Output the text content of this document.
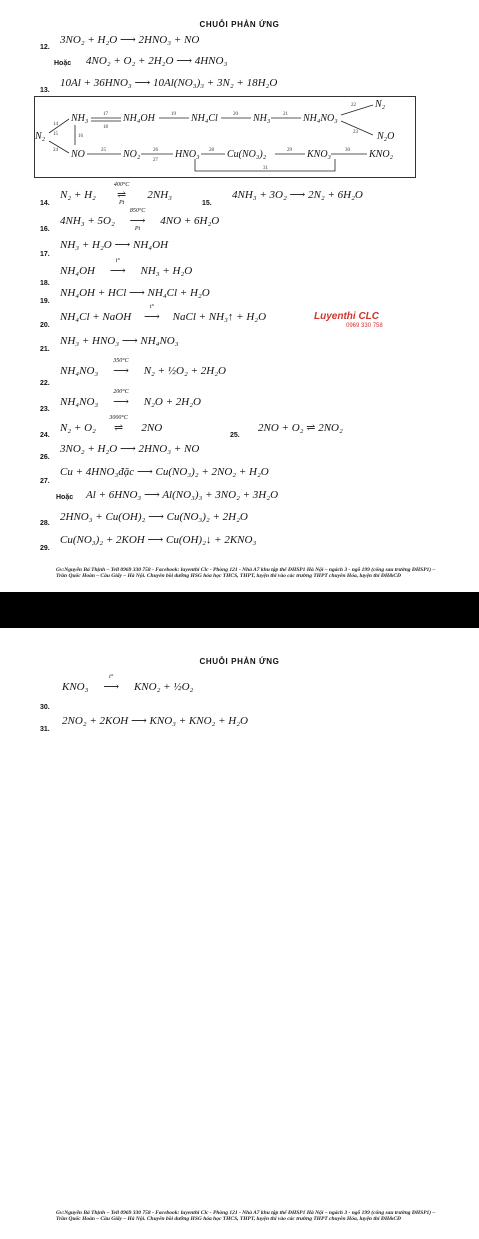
CHUỖI PHẢN ỨNG
12.
3NO₂ + H₂O ⟶ 2HNO₃ + NO
Hoặc 4NO₂ + O₂ + 2H₂O ⟶ 4HNO₃
13.
10Al + 36HNO₃ ⟶ 10Al(NO₃)₃ + 3N₂ + 18H₂O
N₂
NH₃	NH₄OH	NH₄Cl	NH₃	NH₄NO₃
N₂
N₂O
NO	NO₂	HNO₃	Cu(NO₃)₂	KNO₃	KNO₂
17
18
19	20	21
22
23
14
15	16
24	25	26
27
28	29	30
31
14.
N₂ + H₂
400°C
⇌
Pt
2NH₃
15.
4NH₃ + 3O₂ ⟶ 2N₂ + 6H₂O
16.
4NH₃ + 5O₂
850°C
⟶
Pt
4NO + 6H₂O
17.
NH₃ + H₂O ⟶ NH₄OH
18.
NH₄OH
t°
⟶ NH₃ + H₂O
19.
NH₄OH + HCl ⟶ NH₄Cl + H₂O
20.
NH₄Cl + NaOH
t°
⟶ NaCl + NH₃↑ + H₂O	Luyenthi CLC
0969 330 758
21.
NH₃ + HNO₃ ⟶ NH₄NO₃
22.
NH₄NO₃
350°C
⟶ N₂ + ½O₂ + 2H₂O
23.
NH₄NO₃
200°C
⟶ N₂O + 2H₂O
24.
N₂ + O₂
3000°C
⇌ 2NO
25.
2NO + O₂ ⇌ 2NO₂
26.
3NO₂ + H₂O ⟶ 2HNO₃ + NO
27.
Cu + 4HNO₃đặc ⟶ Cu(NO₃)₂ + 2NO₂ + H₂O
Hoặc Al + 6HNO₃ ⟶ Al(NO₃)₃ + 3NO₂ + 3H₂O
28.
2HNO₃ + Cu(OH)₂ ⟶ Cu(NO₃)₂ + 2H₂O
29.
Cu(NO₃)₂ + 2KOH ⟶ Cu(OH)₂↓ + 2KNO₃
Gv:Nguyễn Bá Thịnh – Tell 0969 330 758 - Facebook: luyenthi Clc - Phòng 121 - Nhà A7 khu tập thể ĐHSP1 Hà Nội – ngách 3 - ngõ 199 (cổng sau trường ĐHSP1) – Trần Quốc Hoàn – Cầu Giấy – Hà Nội. Chuyên bồi dưỡng HSG hóa học THCS, THPT, luyện thi vào các trường THPT chuyên Hóa, luyện thi ĐH&CĐ
CHUỖI PHẢN ỨNG
30.
KNO₃
t°
⟶ KNO₂ + ½O₂
31.
2NO₂ + 2KOH ⟶ KNO₃ + KNO₂ + H₂O
Gv:Nguyễn Bá Thịnh – Tell 0969 330 758 - Facebook: luyenthi Clc - Phòng 121 - Nhà A7 khu tập thể ĐHSP1 Hà Nội – ngách 3 - ngõ 199 (cổng sau trường ĐHSP1) – Trần Quốc Hoàn – Cầu Giấy – Hà Nội. Chuyên bồi dưỡng HSG hóa học THCS, THPT, luyện thi vào các trường THPT chuyên Hóa, luyện thi ĐH&CĐ
